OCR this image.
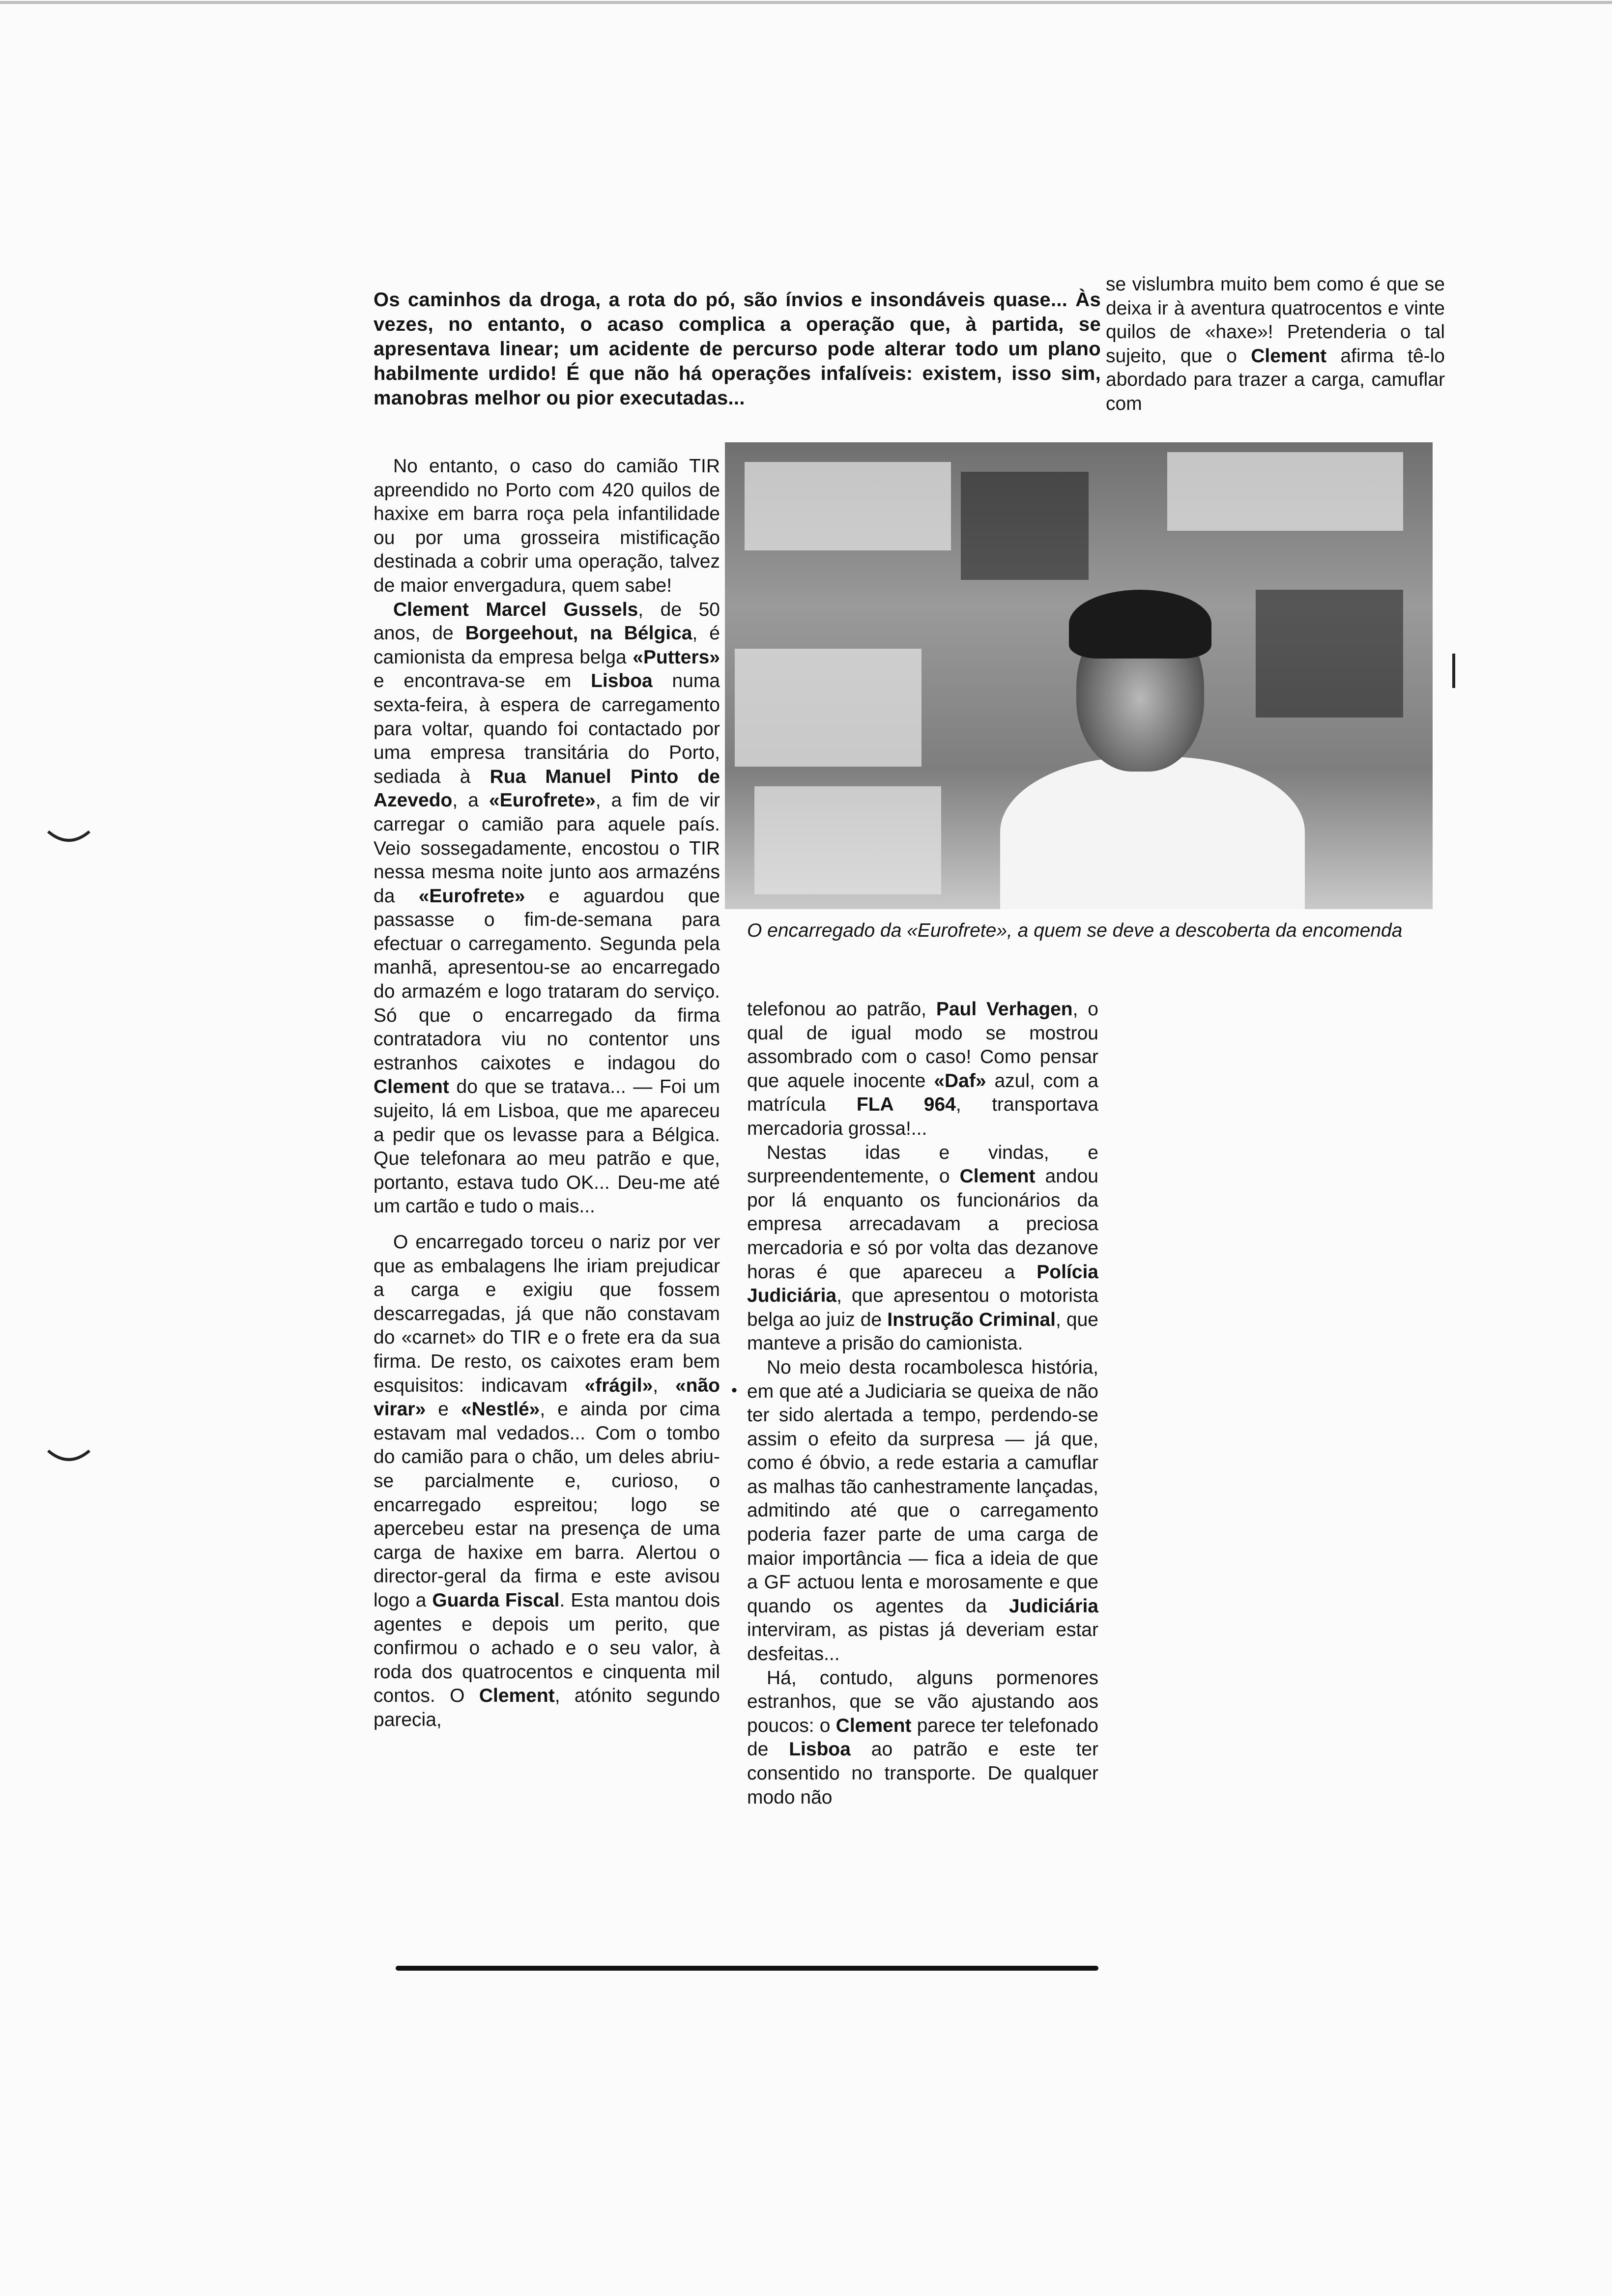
Os caminhos da droga, a rota do pó, são ínvios e insondáveis quase... Às vezes, no entanto, o acaso complica a operação que, à partida, se apresentava linear; um acidente de percurso pode alterar todo um plano habilmente urdido! É que não há operações infalíveis: existem, isso sim, manobras melhor ou pior executadas...

No entanto, o caso do camião TIR apreendido no Porto com 420 quilos de haxixe em barra roça pela infantilidade ou por uma grosseira mistificação destinada a cobrir uma operação, talvez de maior envergadura, quem sabe!

Clement Marcel Gussels, de 50 anos, de Borgeehout, na Bélgica, é camionista da empresa belga «Putters» e encontrava-se em Lisboa numa sexta-feira, à espera de carregamento para voltar, quando foi contactado por uma empresa transitária do Porto, sediada à Rua Manuel Pinto de Azevedo, a «Eurofrete», a fim de vir carregar o camião para aquele país. Veio sossegadamente, encostou o TIR nessa mesma noite junto aos armazéns da «Eurofrete» e aguardou que passasse o fim-de-semana para efectuar o carregamento. Segunda pela manhã, apresentou-se ao encarregado do armazém e logo trataram do serviço. Só que o encarregado da firma contratadora viu no contentor uns estranhos caixotes e indagou do Clement do que se tratava... — Foi um sujeito, lá em Lisboa, que me apareceu a pedir que os levasse para a Bélgica. Que telefonara ao meu patrão e que, portanto, estava tudo OK... Deu-me até um cartão e tudo o mais...

O encarregado torceu o nariz por ver que as embalagens lhe iriam prejudicar a carga e exigiu que fossem descarregadas, já que não constavam do «carnet» do TIR e o frete era da sua firma. De resto, os caixotes eram bem esquisitos: indicavam «frágil», «não virar» e «Nestlé», e ainda por cima estavam mal vedados... Com o tombo do camião para o chão, um deles abriu-se parcialmente e, curioso, o encarregado espreitou; logo se apercebeu estar na presença de uma carga de haxixe em barra. Alertou o director-geral da firma e este avisou logo a Guarda Fiscal. Esta mantou dois agentes e depois um perito, que confirmou o achado e o seu valor, à roda dos quatrocentos e cinquenta mil contos. O Clement, atónito segundo parecia,

O encarregado da «Eurofrete», a quem se deve a descoberta da encomenda

telefonou ao patrão, Paul Verhagen, o qual de igual modo se mostrou assombrado com o caso! Como pensar que aquele inocente «Daf» azul, com a matrícula FLA 964, transportava mercadoria grossa!...

Nestas idas e vindas, e surpreendentemente, o Clement andou por lá enquanto os funcionários da empresa arrecadavam a preciosa mercadoria e só por volta das dezanove horas é que apareceu a Polícia Judiciária, que apresentou o motorista belga ao juiz de Instrução Criminal, que manteve a prisão do camionista.

No meio desta rocambolesca história, em que até a Judiciaria se queixa de não ter sido alertada a tempo, perdendo-se assim o efeito da surpresa — já que, como é óbvio, a rede estaria a camuflar as malhas tão canhestramente lançadas, admitindo até que o carregamento poderia fazer parte de uma carga de maior importância — fica a ideia de que a GF actuou lenta e morosamente e que quando os agentes da Judiciária interviram, as pistas já deveriam estar desfeitas...

Há, contudo, alguns pormenores estranhos, que se vão ajustando aos poucos: o Clement parece ter telefonado de Lisboa ao patrão e este ter consentido no transporte. De qualquer modo não

se vislumbra muito bem como é que se deixa ir à aventura quatrocentos e vinte quilos de «haxe»! Pretenderia o tal sujeito, que o Clement afirma tê-lo abordado para trazer a carga, camuflar com

•
